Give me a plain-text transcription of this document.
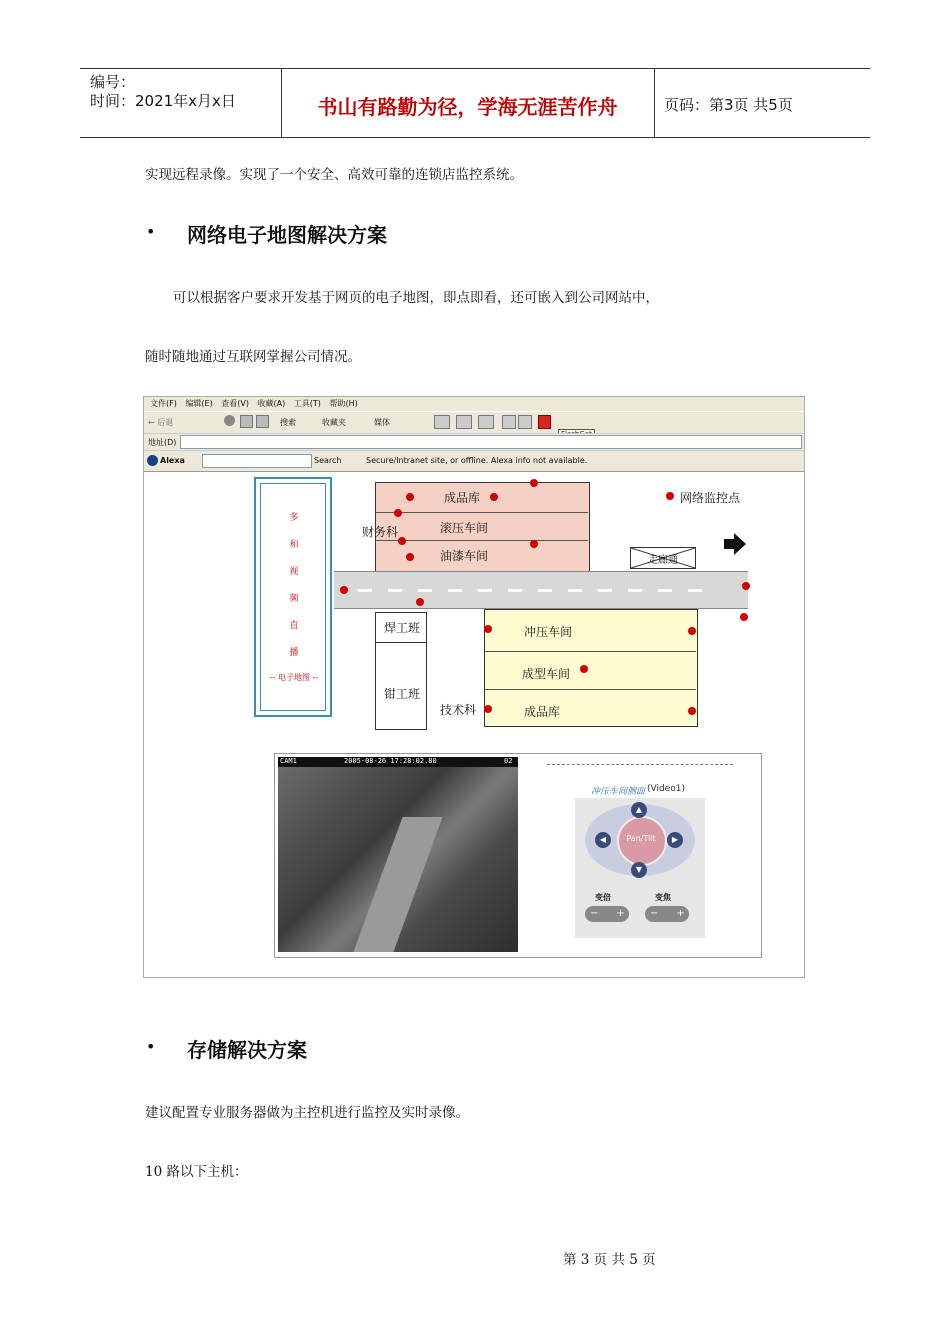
编号：
时间：2021年x月x日	书山有路勤为径，学海无涯苦作舟	页码：第3页 共5页
实现远程录像。实现了一个安全、高效可靠的连锁店监控系统。
• 网络电子地图解决方案
可以根据客户要求开发基于网页的电子地图，即点即看，还可嵌入到公司网站中，
随时随地通过互联网掌握公司情况。
文件(F) 编辑(E) 查看(V) 收藏(A) 工具(T) 帮助(H)
← 后退	搜索	收藏夹	媒体
地址(D)
Alexa	Search	Secure/Intranet site, or offline. Alexa info not available.
多
和
视
频
直
播
-- 电子地图 --
成品库
滚压车间
油漆车间
财务科
网络监控点
走廊通
焊工班
钳工班
冲压车间
成型车间
成品库
技术科
CAM1	2005-08-26 17:28:02.80	02
冲压车间侧面 (Video1)
Pan/Tilt
▲
▼
◀	▶
变倍	变焦
− +	− +
• 存储解决方案
建议配置专业服务器做为主控机进行监控及实时录像。
10 路以下主机：
第 3 页 共 5 页
